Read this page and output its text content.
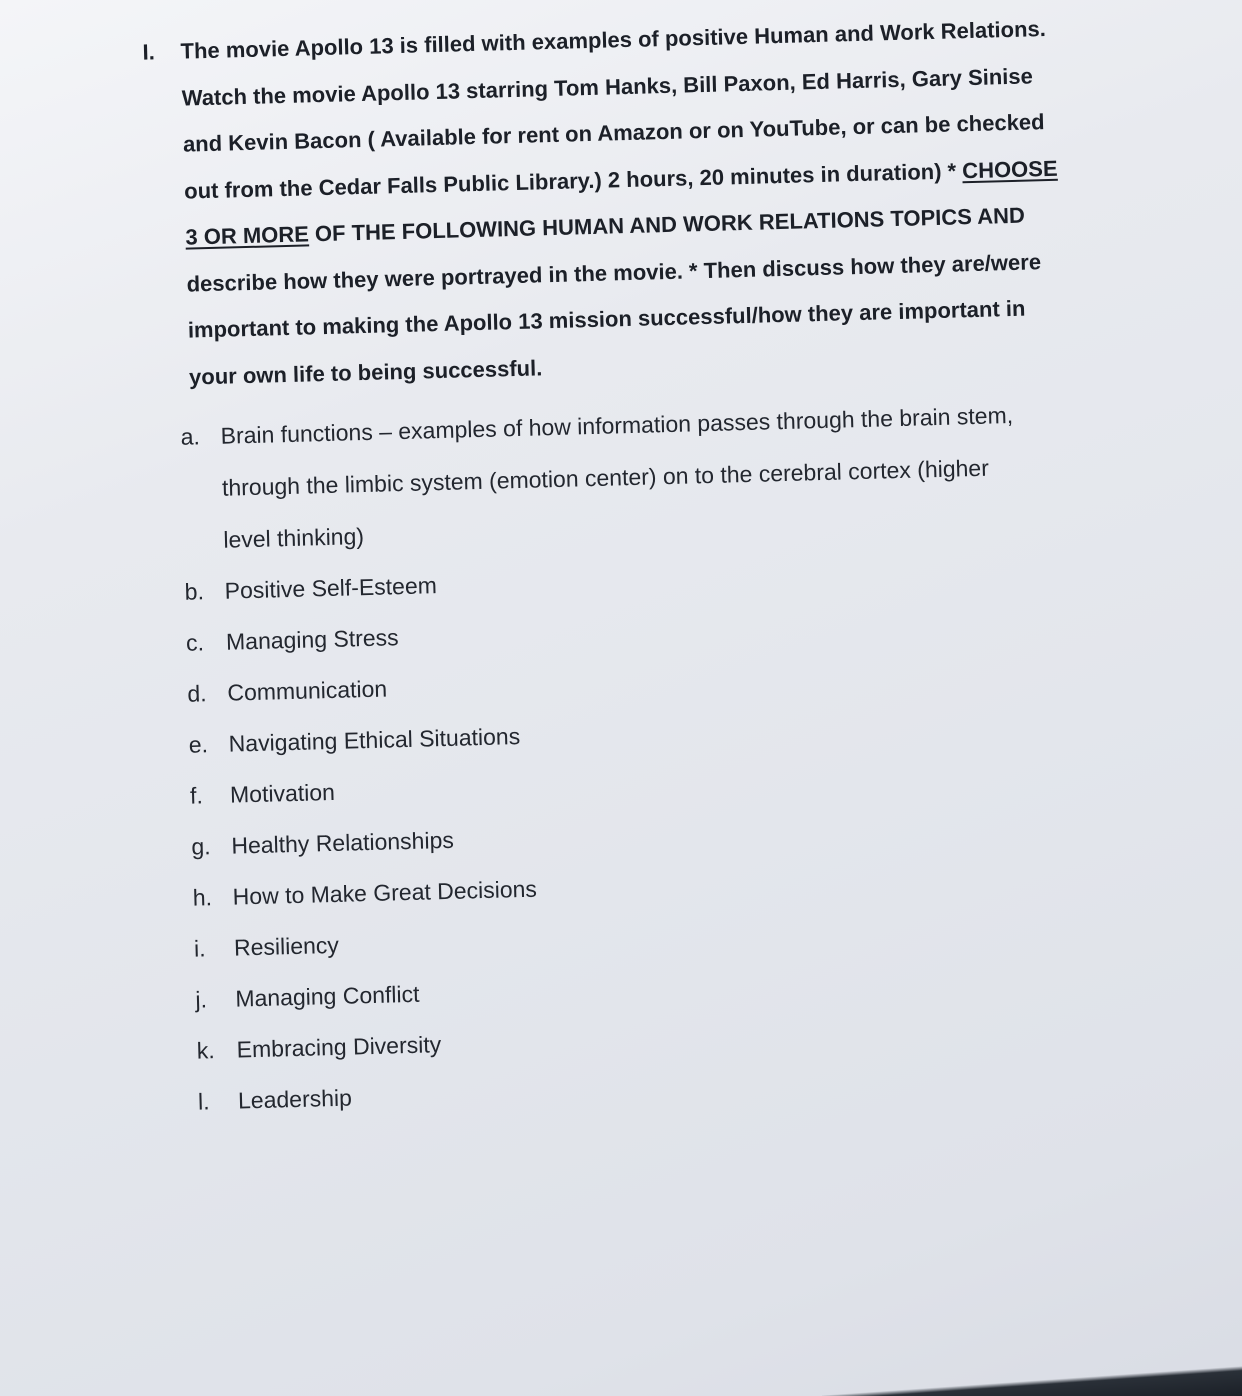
I. The movie Apollo 13 is filled with examples of positive Human and Work Relations.
Watch the movie Apollo 13 starring Tom Hanks, Bill Paxon, Ed Harris, Gary Sinise
and Kevin Bacon ( Available for rent on Amazon or on YouTube, or can be checked
out from the Cedar Falls Public Library.) 2 hours, 20 minutes in duration) * CHOOSE
3 OR MORE OF THE FOLLOWING HUMAN AND WORK RELATIONS TOPICS AND
describe how they were portrayed in the movie. * Then discuss how they are/were
important to making the Apollo 13 mission successful/how they are important in
your own life to being successful.

a. Brain functions – examples of how information passes through the brain stem,
through the limbic system (emotion center) on to the cerebral cortex (higher
level thinking)
b. Positive Self-Esteem
c. Managing Stress
d. Communication
e. Navigating Ethical Situations
f. Motivation
g. Healthy Relationships
h. How to Make Great Decisions
i. Resiliency
j. Managing Conflict
k. Embracing Diversity
l. Leadership
